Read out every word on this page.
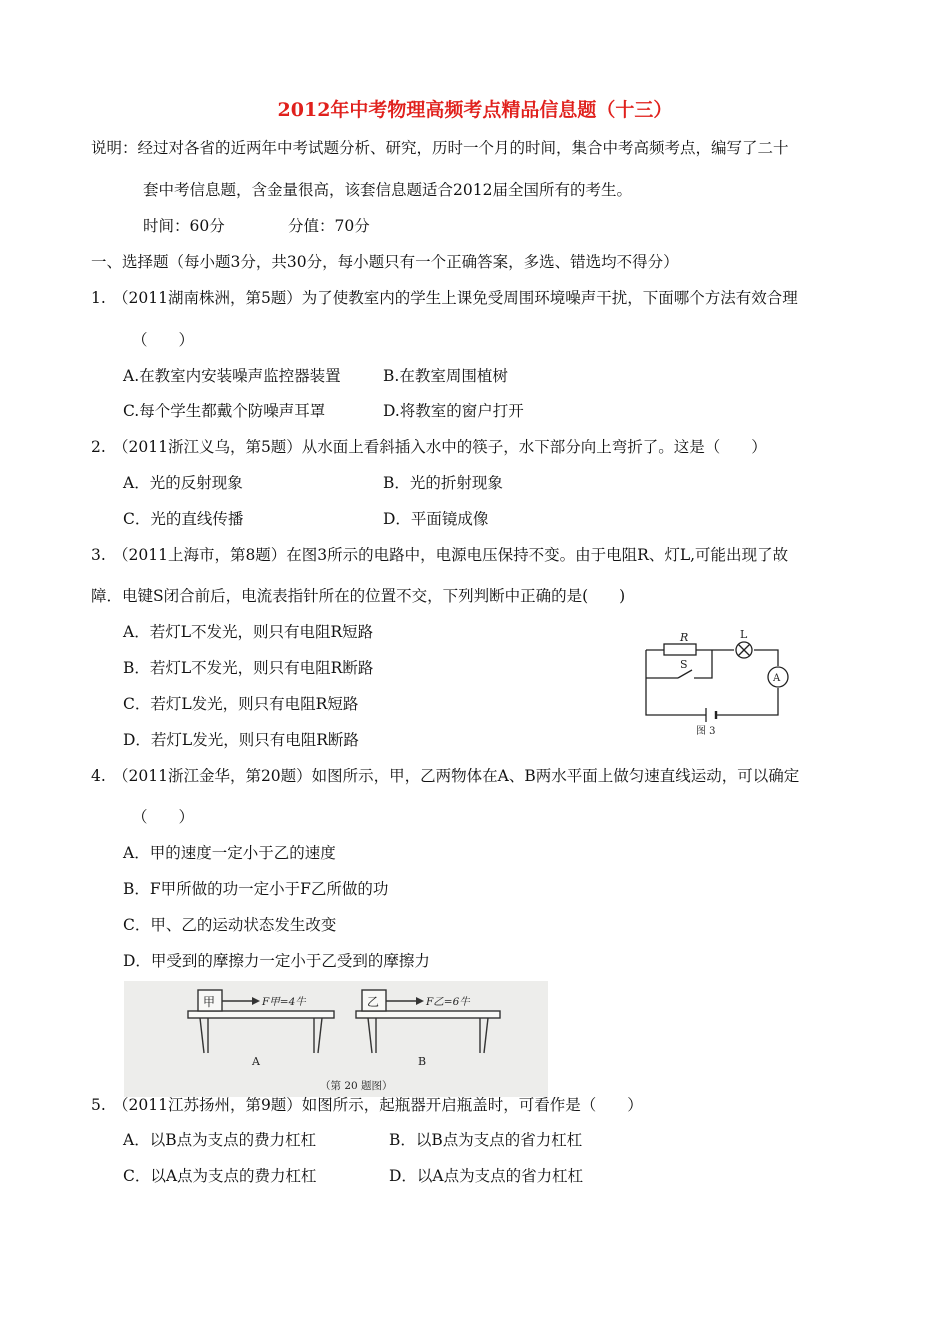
2012年中考物理高频考点精品信息题（十三）
说明：经过对各省的近两年中考试题分析、研究，历时一个月的时间，集合中考高频考点，编写了二十
套中考信息题，含金量很高，该套信息题适合2012届全国所有的考生。
时间：60分	分值：70分
一、选择题（每小题3分，共30分，每小题只有一个正确答案，多选、错选均不得分）
1. （2011湖南株洲，第5题）为了使教室内的学生上课免受周围环境噪声干扰，下面哪个方法有效合理
（　　）
A.在教室内安装噪声监控器装置	B.在教室周围植树
C.每个学生都戴个防噪声耳罩	D.将教室的窗户打开
2. （2011浙江义乌，第5题）从水面上看斜插入水中的筷子，水下部分向上弯折了。这是（　　）
A．光的反射现象	B．光的折射现象
C．光的直线传播	D．平面镜成像
3. （2011上海市，第8题）在图3所示的电路中，电源电压保持不变。由于电阻R、灯L,可能出现了故
障．电键S闭合前后，电流表指针所在的位置不交，下列判断中正确的是(　　)
A．若灯L不发光，则只有电阻R短路
B．若灯L不发光，则只有电阻R断路
C．若灯L发光，则只有电阻R短路
D．若灯L发光，则只有电阻R断路
R	L
S
A
图 3
4. （2011浙江金华，第20题）如图所示，甲，乙两物体在A、B两水平面上做匀速直线运动，可以确定
（　　）
A．甲的速度一定小于乙的速度
B．F甲所做的功一定小于F乙所做的功
C．甲、乙的运动状态发生改变
D．甲受到的摩擦力一定小于乙受到的摩擦力
甲	F甲=4牛
A
乙	F乙=6牛
B
（第 20 题图）
5. （2011江苏扬州，第9题）如图所示，起瓶器开启瓶盖时，可看作是（　　）
A．以B点为支点的费力杠杠	B．以B点为支点的省力杠杠
C．以A点为支点的费力杠杠	D．以A点为支点的省力杠杠
